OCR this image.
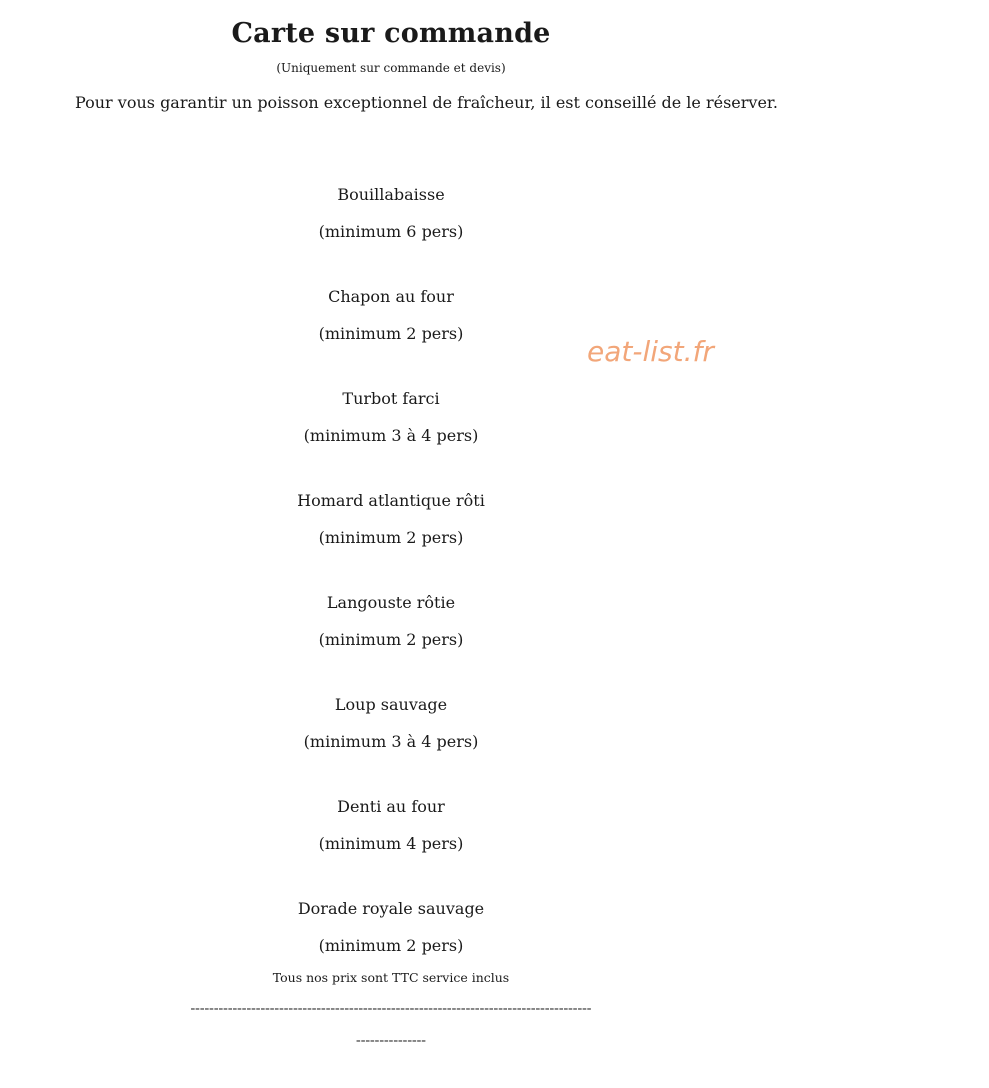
Carte sur commande
(Uniquement sur commande et devis)
Pour vous garantir un poisson exceptionnel de fraîcheur, il est conseillé de le réserver.
Bouillabaisse
(minimum 6 pers)
Chapon au four
(minimum 2 pers)
Turbot farci
(minimum 3 à 4 pers)
Homard atlantique rôti
(minimum 2 pers)
Langouste rôtie
(minimum 2 pers)
Loup sauvage
(minimum 3 à 4 pers)
Denti au four
(minimum 4 pers)
Dorade royale sauvage
(minimum 2 pers)
Tous nos prix sont TTC service inclus
--------------------------------------------------------------------------------------
---------------
eat-list.fr
